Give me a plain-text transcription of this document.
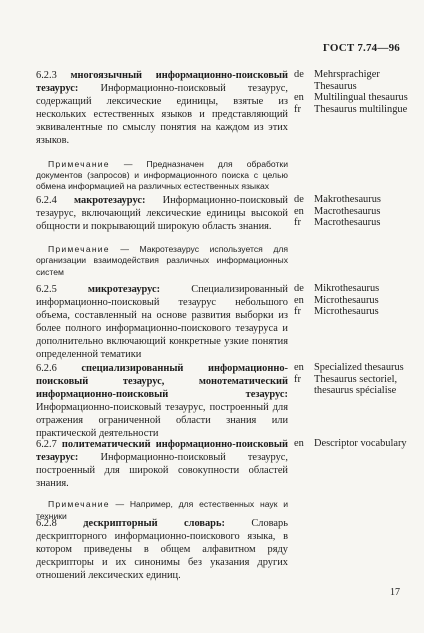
ГОСТ 7.74—96
6.2.3 многоязычный информационно-поисковый тезаурус: Информационно-поисковый тезаурус, содержащий лексические единицы, взятые из нескольких естественных языков и представляющий эквивалентные по смыслу понятия на каждом из этих языков.
Примечание — Предназначен для обработки документов (запросов) и информационного поиска с целью обмена информацией на различных естественных языках
de Mehrsprachiger Thesaurus
en Multilingual thesaurus
fr	Thesaurus multilingue
6.2.4 макротезаурус: Информационно-поисковый тезаурус, включающий лексические единицы высокой общности и покрывающий широкую область знания.
Примечание — Макротезаурус используется для организации взаимодействия различных информационных систем
de Makrothesaurus
en Macrothesaurus
fr	Macrothesaurus
6.2.5	микротезаурус:	Специализированный информационно-поисковый тезаурус небольшого объема, составленный на основе развития выборки из более полного информационно-поискового тезауруса и дополнительно включающий конкретные узкие понятия определенной тематики
de Mikrothesaurus
en Microthesaurus
fr	Microthesaurus
6.2.6 специализированный информационно-поисковый тезаурус, монотематический информационно-поисковый тезаурус: Информационно-поисковый тезаурус, построенный для отражения ограниченной области знания или практической деятельности
en Specialized thesaurus
fr	Thesaurus sectoriel, thesaurus spécialise
6.2.7 политематический информационно-поисковый тезаурус: Информационно-поисковый тезаурус, построенный для широкой совокупности областей знания.
Примечание — Например, для естественных наук и техники
en Descriptor vocabulary
6.2.8	дескрипторный словарь:	Словарь дескрипторного информационно-поискового языка, в котором приведены в общем алфавитном ряду дескрипторы и их синонимы без указания других отношений лексических единиц.
17
